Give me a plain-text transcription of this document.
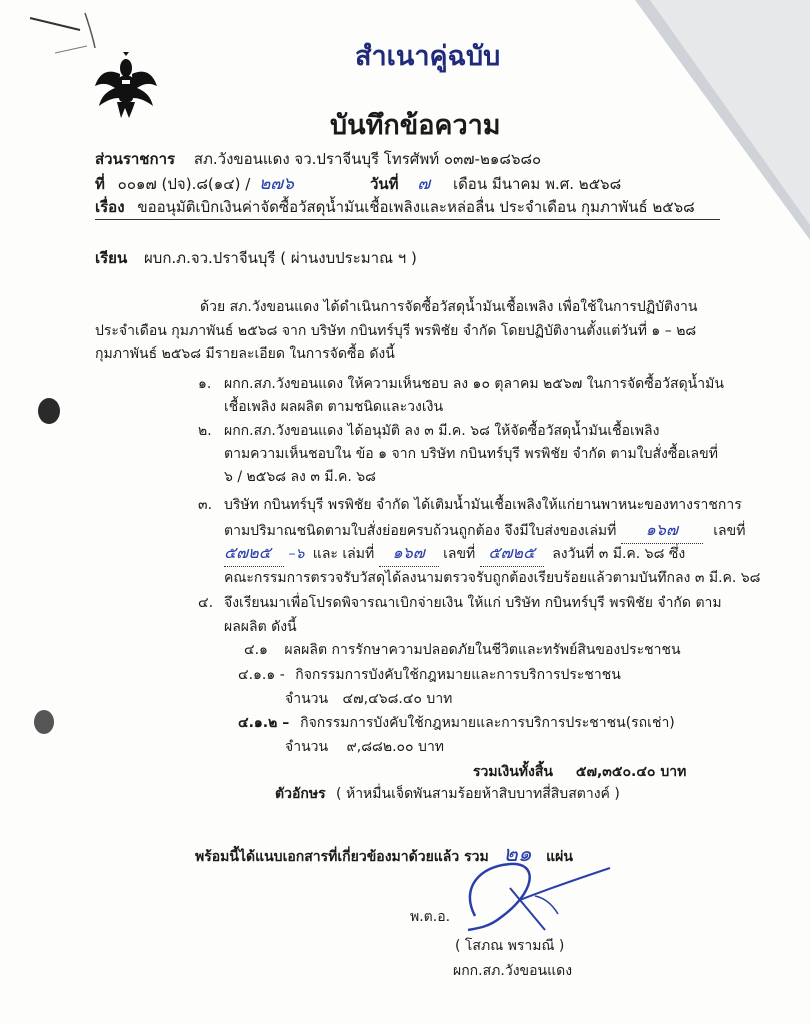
สำเนาคู่ฉบับ
บันทึกข้อความ
ส่วนราชการ สภ.วังขอนแดง จว.ปราจีนบุรี โทรศัพท์ ๐๓๗-๒๑๘๖๘๐
ที่ ๐๐๑๗ (ปจ).๘(๑๔) / ๒๗๖	วันที่ ๗ เดือน มีนาคม พ.ศ. ๒๕๖๘
เรื่อง ขออนุมัติเบิกเงินค่าจัดซื้อวัสดุน้ำมันเชื้อเพลิงและหล่อลื่น ประจำเดือน กุมภาพันธ์ ๒๕๖๘
เรียน ผบก.ภ.จว.ปราจีนบุรี ( ผ่านงบประมาณ ฯ )
ด้วย สภ.วังขอนแดง ได้ดำเนินการจัดซื้อวัสดุน้ำมันเชื้อเพลิง เพื่อใช้ในการปฏิบัติงาน
ประจำเดือน กุมภาพันธ์ ๒๕๖๘ จาก บริษัท กบินทร์บุรี พรพิชัย จำกัด โดยปฏิบัติงานตั้งแต่วันที่ ๑ – ๒๘
กุมภาพันธ์ ๒๕๖๘ มีรายละเอียด ในการจัดซื้อ ดังนี้
๑. ผกก.สภ.วังขอนแดง ให้ความเห็นชอบ ลง ๑๐ ตุลาคม ๒๕๖๗ ในการจัดซื้อวัสดุน้ำมัน
เชื้อเพลิง ผลผลิต ตามชนิดและวงเงิน
๒. ผกก.สภ.วังขอนแดง ได้อนุมัติ ลง ๓ มี.ค. ๖๘ ให้จัดซื้อวัสดุน้ำมันเชื้อเพลิง
ตามความเห็นชอบใน ข้อ ๑ จาก บริษัท กบินทร์บุรี พรพิชัย จำกัด ตามใบสั่งซื้อเลขที่
๖ / ๒๕๖๘ ลง ๓ มี.ค. ๖๘
๓. บริษัท กบินทร์บุรี พรพิชัย จำกัด ได้เติมน้ำมันเชื้อเพลิงให้แก่ยานพาหนะของทางราชการ
ตามปริมาณชนิดตามใบสั่งย่อยครบถ้วนถูกต้อง จึงมีใบส่งของเล่มที่ ๑๖๗	เลขที่
๕๗๒๕ –๖ และ เล่มที่ ๑๖๗ เลขที่ ๕๗๒๕ ลงวันที่ ๓ มี.ค. ๖๘ ซึ่ง
คณะกรรมการตรวจรับวัสดุได้ลงนามตรวจรับถูกต้องเรียบร้อยแล้วตามบันทึกลง ๓ มี.ค. ๖๘
๔. จึงเรียนมาเพื่อโปรดพิจารณาเบิกจ่ายเงิน ให้แก่ บริษัท กบินทร์บุรี พรพิชัย จำกัด ตาม
ผลผลิต ดังนี้
๔.๑ ผลผลิต การรักษาความปลอดภัยในชีวิตและทรัพย์สินของประชาชน
๔.๑.๑ - กิจกรรมการบังคับใช้กฎหมายและการบริการประชาชน
จำนวน ๔๗,๔๖๘.๔๐ บาท
๔.๑.๒ – กิจกรรมการบังคับใช้กฎหมายและการบริการประชาชน(รถเช่า)
จำนวน ๙,๘๘๒.๐๐ บาท
รวมเงินทั้งสิ้น ๕๗,๓๕๐.๔๐ บาท
ตัวอักษร ( ห้าหมื่นเจ็ดพันสามร้อยห้าสิบบาทสี่สิบสตางค์ )
พร้อมนี้ได้แนบเอกสารที่เกี่ยวข้องมาด้วยแล้ว รวม ๒๑ แผ่น
พ.ต.อ.
( โสภณ พรามณี )
ผกก.สภ.วังขอนแดง
